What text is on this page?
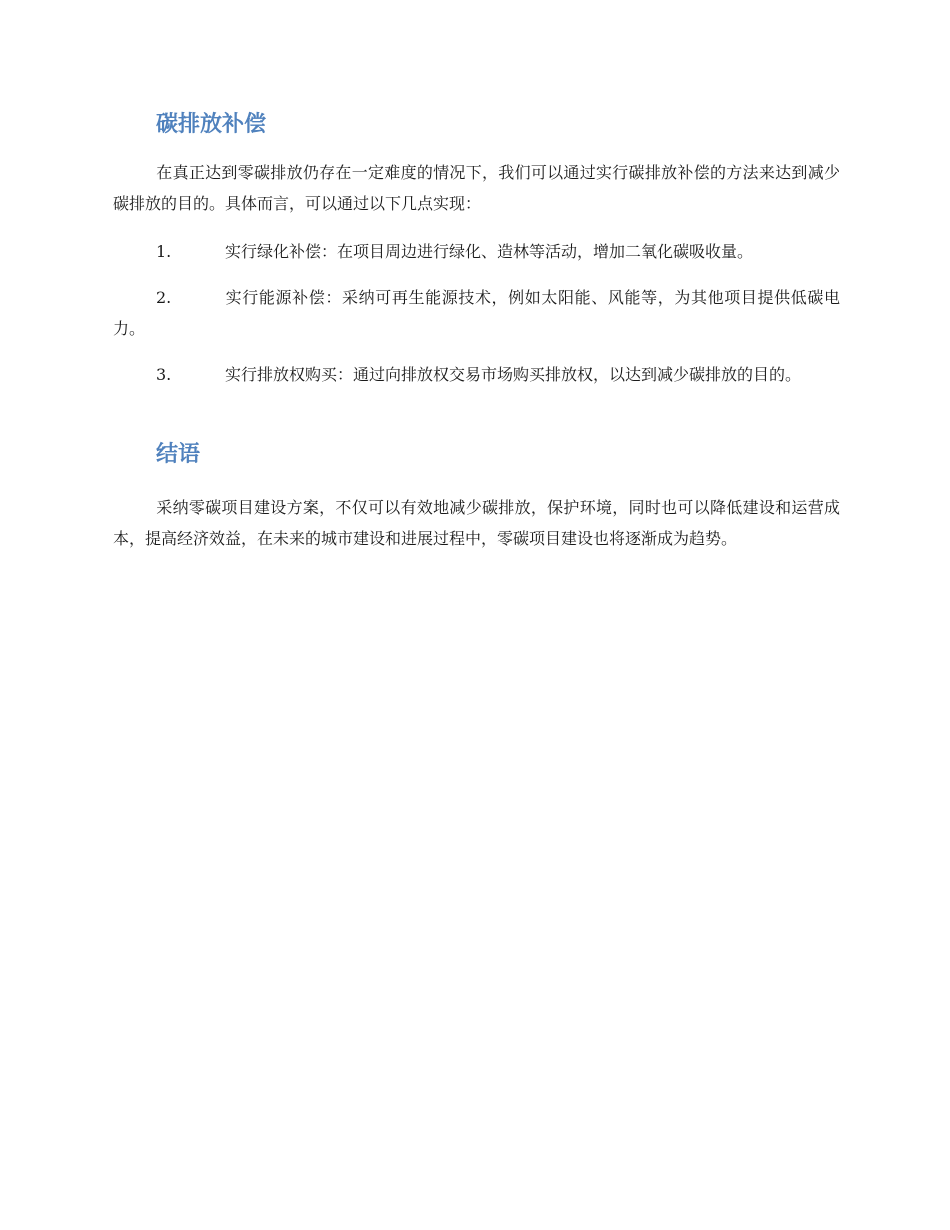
碳排放补偿

在真正达到零碳排放仍存在一定难度的情况下，我们可以通过实行碳排放补偿的方法来达到减少碳排放的目的。具体而言，可以通过以下几点实现：

1.	实行绿化补偿：在项目周边进行绿化、造林等活动，增加二氧化碳吸收量。

2.	实行能源补偿：采纳可再生能源技术，例如太阳能、风能等，为其他项目提供低碳电力。

3.	实行排放权购买：通过向排放权交易市场购买排放权，以达到减少碳排放的目的。

结语

采纳零碳项目建设方案，不仅可以有效地减少碳排放，保护环境，同时也可以降低建设和运营成本，提高经济效益，在未来的城市建设和进展过程中，零碳项目建设也将逐渐成为趋势。
